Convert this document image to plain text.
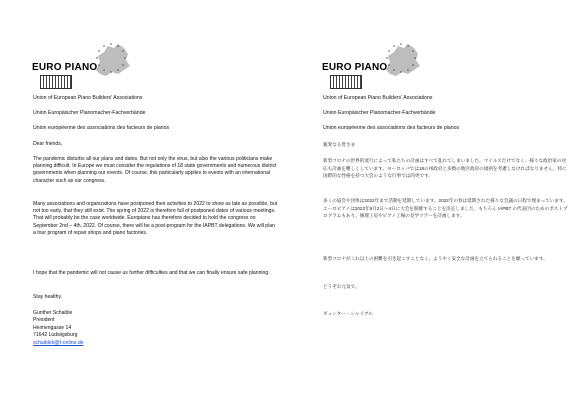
EURO PIANO
Union of European Piano Builders' Associations
Union Europäischer Pianomacher-Fachverbände
Union européenne des associations des facteurs de pianos
Dear friends,
The pandemic disturbs all our plans and dates. But not only the virus, but also the various politicians make planning difficult. In Europe we must consider the regulations of 18 state governments and numerous district governments when planning our events. Of course, this particularly applies to events with an international character such as our congress.
Many associations and organizations have postponed their activities to 2022 to show as late as possible, but not too early, that they still exist. The spring of 2022 is therefore full of postponed dates of various meetings. That will probably be the case worldwide. Europiano has therefore decided to hold the congress on September 2nd – 4th, 2022. Of course, there will be a post-program for the IAPBT delegations. We will plan a tour program of repair shops and piano factories.
I hope that the pandemic will not cause us further difficulties and that we can finally ensure safe planning.
Stay healthy.
Gunther Schaible
President
Heimengasse 14
71642 Ludwigsburg
schaibleb@t-online.de
EURO PIANO
Union of European Piano Builders' Associations
Union Europäischer Pianomacher-Fachverbände
Union européenne des associations des facteurs de pianos
親愛なる皆さま
新型コロナの世界的流行によって私たちの計画はすべて乱れてしまいました。ウイルスだけでなく、様々な政治家の対応も計画を難しくしています。ヨーロッパでは18の州政府と多数の地区政府の規則を考慮しなければなりません。特に国際的な性格を持つ大会のような行事では尚更です。
多くの協会や団体は2022年まで活動を延期しています。2022年の春は延期された様々な会議の日程で埋まっています。ユーロピアノは2022年9月2日～4日に大会を開催することを決定しました。もちろん IAPBT の代表団のためのポストプログラムもあり、修理工房やピアノ工場の見学ツアーを計画します。
新型コロナがこれ以上の困難を引き起こすことなく、ようやく安全な計画を立てられることを願っています。
どうぞお元気で。
ギュンター・シャイブル
